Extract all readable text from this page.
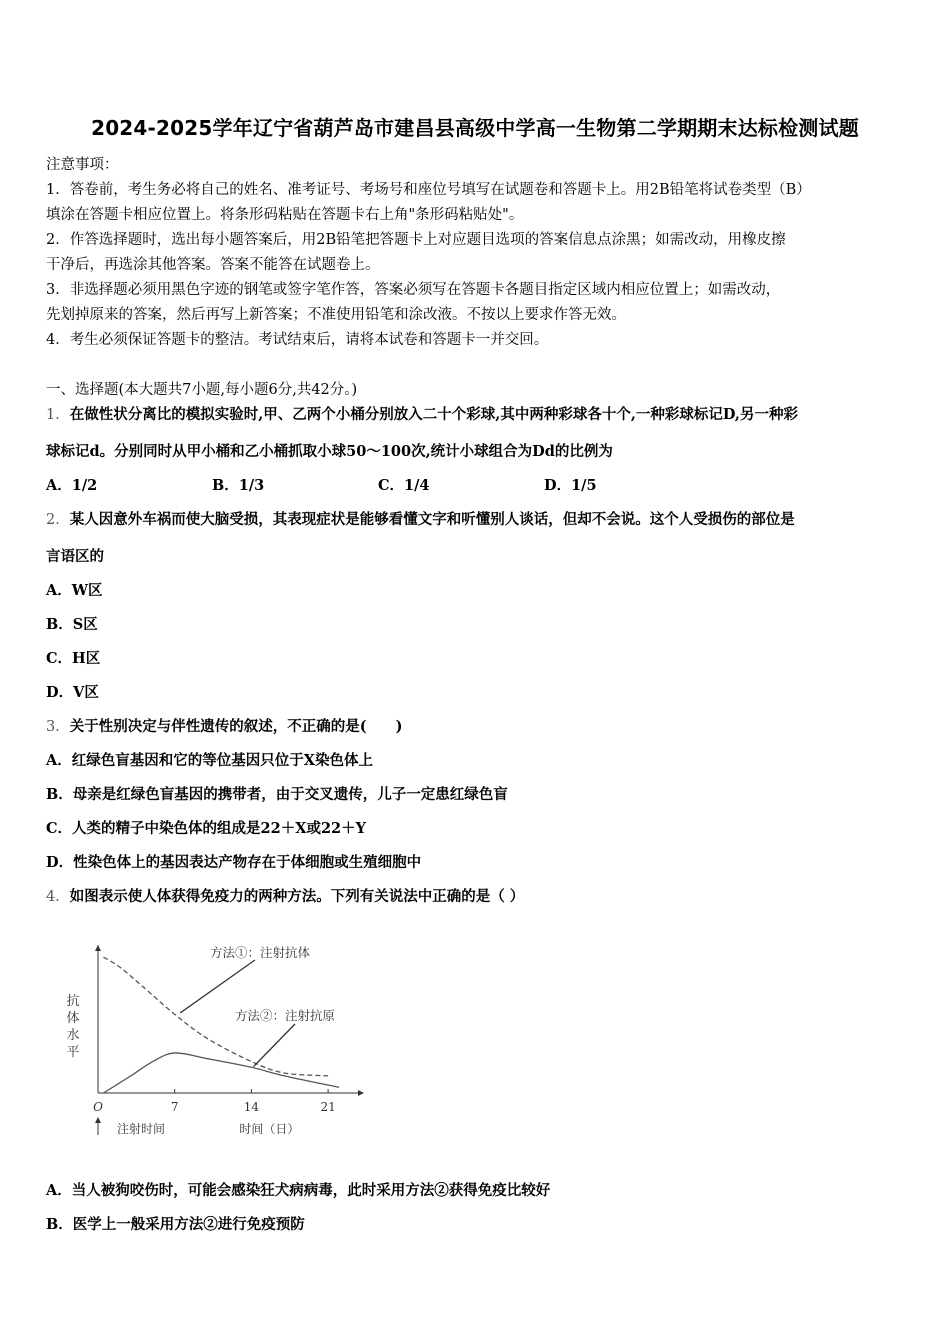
2024-2025学年辽宁省葫芦岛市建昌县高级中学高一生物第二学期期末达标检测试题
注意事项：
1．答卷前，考生务必将自己的姓名、准考证号、考场号和座位号填写在试题卷和答题卡上。用2B铅笔将试卷类型（B）
填涂在答题卡相应位置上。将条形码粘贴在答题卡右上角"条形码粘贴处"。
2．作答选择题时，选出每小题答案后，用2B铅笔把答题卡上对应题目选项的答案信息点涂黑；如需改动，用橡皮擦
干净后，再选涂其他答案。答案不能答在试题卷上。
3．非选择题必须用黑色字迹的钢笔或签字笔作答，答案必须写在答题卡各题目指定区域内相应位置上；如需改动，
先划掉原来的答案，然后再写上新答案；不准使用铅笔和涂改液。不按以上要求作答无效。
4．考生必须保证答题卡的整洁。考试结束后，请将本试卷和答题卡一并交回。
一、选择题(本大题共7小题,每小题6分,共42分。)
1．在做性状分离比的模拟实验时,甲、乙两个小桶分别放入二十个彩球,其中两种彩球各十个,一种彩球标记D,另一种彩
球标记d。分别同时从甲小桶和乙小桶抓取小球50～100次,统计小球组合为Dd的比例为
A．1/2	B．1/3	C．1/4	D．1/5
2．某人因意外车祸而使大脑受损，其表现症状是能够看懂文字和听懂别人谈话，但却不会说。这个人受损伤的部位是
言语区的
A．W区
B．S区
C．H区
D．V区
3．关于性别决定与伴性遗传的叙述，不正确的是(　　)
A．红绿色盲基因和它的等位基因只位于X染色体上
B．母亲是红绿色盲基因的携带者，由于交叉遗传，儿子一定患红绿色盲
C．人类的精子中染色体的组成是22＋X或22＋Y
D．性染色体上的基因表达产物存在于体细胞或生殖细胞中
4．如图表示使人体获得免疫力的两种方法。下列有关说法中正确的是（ ）
抗
体
水
平
O	7	14	21
注射时间	时间（日）
方法①：注射抗体
方法②：注射抗原
A．当人被狗咬伤时，可能会感染狂犬病病毒，此时采用方法②获得免疫比较好
B．医学上一般采用方法②进行免疫预防
